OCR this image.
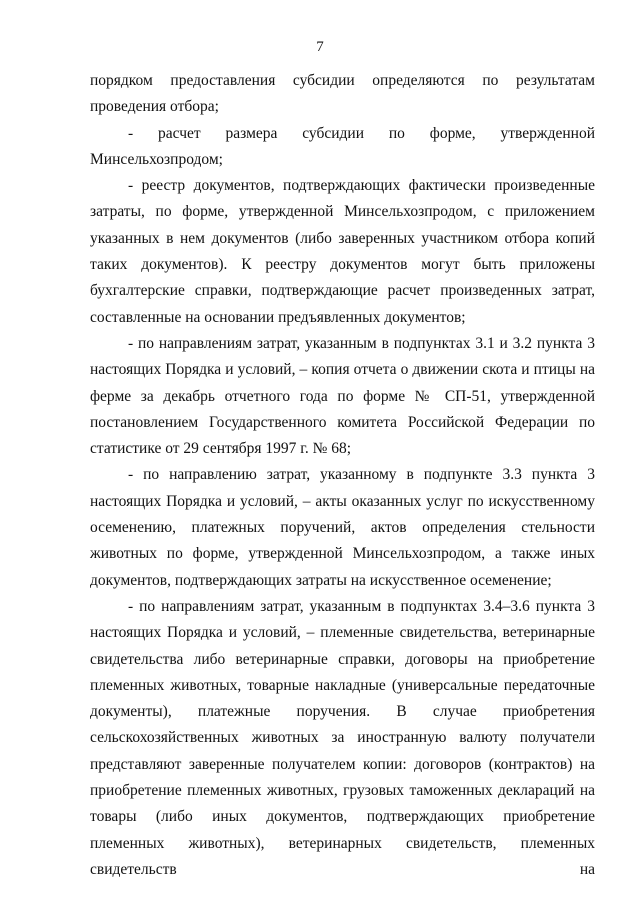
7

порядком предоставления субсидии определяются по результатам проведения отбора;

- расчет размера субсидии по форме, утвержденной Минсельхозпродом;

- реестр документов, подтверждающих фактически произведенные затраты, по форме, утвержденной Минсельхозпродом, с приложением указанных в нем документов (либо заверенных участником отбора копий таких документов). К реестру документов могут быть приложены бухгалтерские справки, подтверждающие расчет произведенных затрат, составленные на основании предъявленных документов;

- по направлениям затрат, указанным в подпунктах 3.1 и 3.2 пункта 3 настоящих Порядка и условий, – копия отчета о движении скота и птицы на ферме за декабрь отчетного года по форме № СП-51, утвержденной постановлением Государственного комитета Российской Федерации по статистике от 29 сентября 1997 г. № 68;

- по направлению затрат, указанному в подпункте 3.3 пункта 3 настоящих Порядка и условий, – акты оказанных услуг по искусственному осеменению, платежных поручений, актов определения стельности животных по форме, утвержденной Минсельхозпродом, а также иных документов, подтверждающих затраты на искусственное осеменение;

- по направлениям затрат, указанным в подпунктах 3.4–3.6 пункта 3 настоящих Порядка и условий, – племенные свидетельства, ветеринарные свидетельства либо ветеринарные справки, договоры на приобретение племенных животных, товарные накладные (универсальные передаточные документы), платежные поручения. В случае приобретения сельскохозяйственных животных за иностранную валюту получатели представляют заверенные получателем копии: договоров (контрактов) на приобретение племенных животных, грузовых таможенных деклараций на товары (либо иных документов, подтверждающих приобретение племенных животных), ветеринарных свидетельств, племенных свидетельств на
